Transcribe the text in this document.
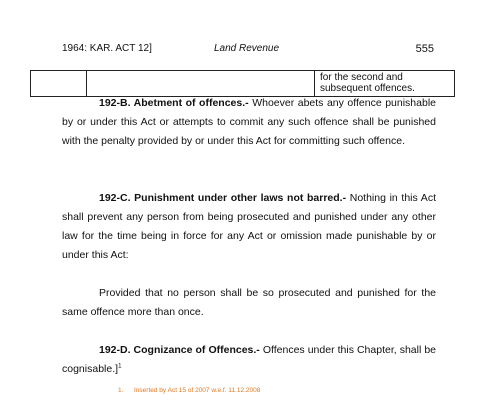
1964: KAR. ACT 12]	Land Revenue	555
for the second and subsequent offences.
192-B. Abetment of offences.- Whoever abets any offence punishable by or under this Act or attempts to commit any such offence shall be punished with the penalty provided by or under this Act for committing such offence.
192-C. Punishment under other laws not barred.- Nothing in this Act shall prevent any person from being prosecuted and punished under any other law for the time being in force for any Act or omission made punishable by or under this Act:
Provided that no person shall be so prosecuted and punished for the same offence more than once.
192-D. Cognizance of Offences.- Offences under this Chapter, shall be cognisable.]$^1$
1. Inserted by Act 15 of 2007 w.e.f. 11.12.2008
